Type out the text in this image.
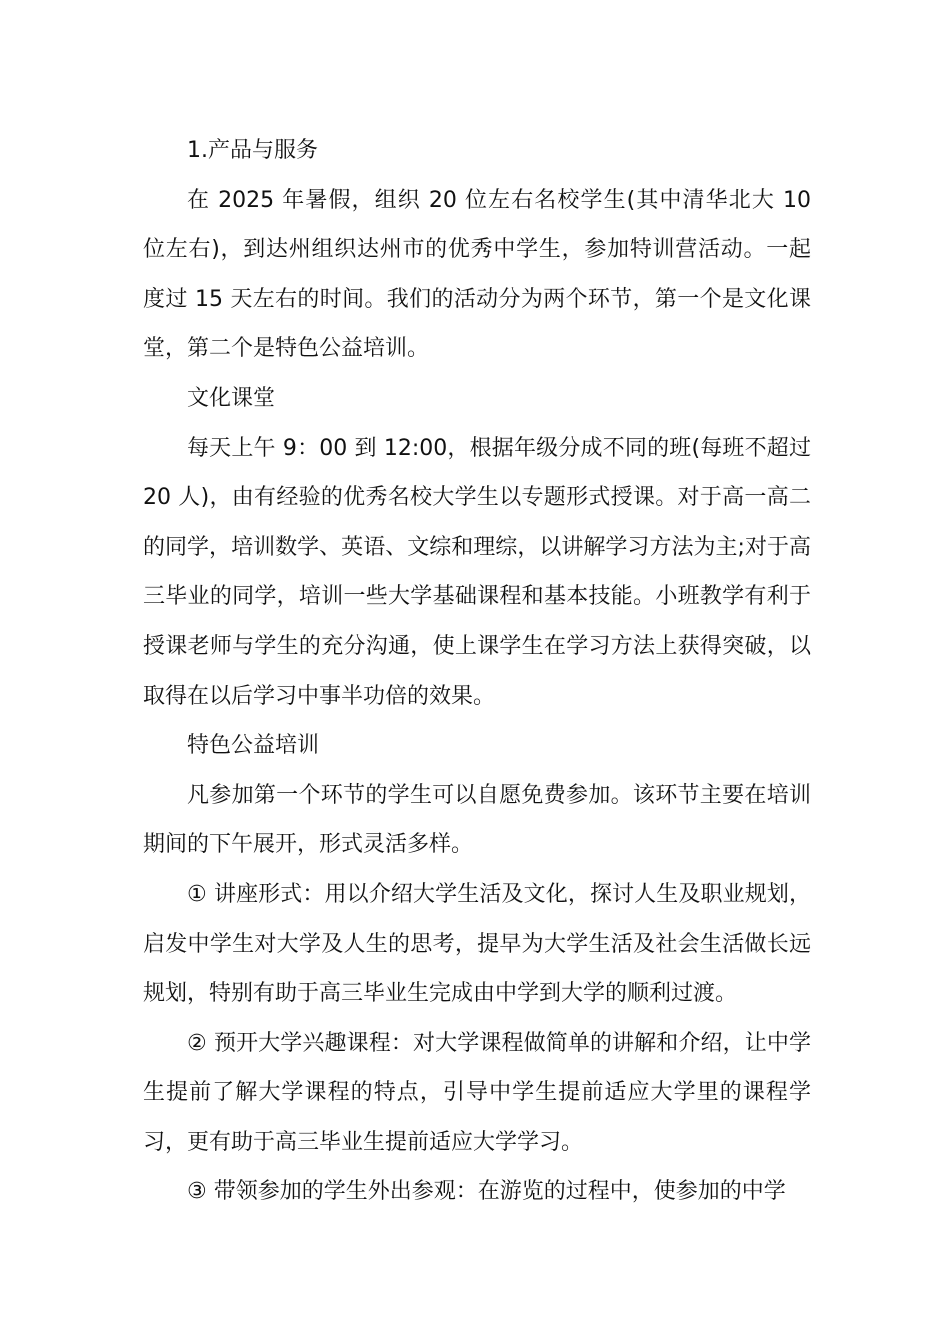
1.产品与服务

在 2025 年暑假，组织 20 位左右名校学生(其中清华北大 10 位左右)，到达州组织达州市的优秀中学生，参加特训营活动。一起度过 15 天左右的时间。我们的活动分为两个环节，第一个是文化课堂，第二个是特色公益培训。

文化课堂

每天上午 9：00 到 12:00，根据年级分成不同的班(每班不超过 20 人)，由有经验的优秀名校大学生以专题形式授课。对于高一高二的同学，培训数学、英语、文综和理综，以讲解学习方法为主;对于高三毕业的同学，培训一些大学基础课程和基本技能。小班教学有利于授课老师与学生的充分沟通，使上课学生在学习方法上获得突破，以取得在以后学习中事半功倍的效果。

特色公益培训

凡参加第一个环节的学生可以自愿免费参加。该环节主要在培训期间的下午展开，形式灵活多样。

① 讲座形式：用以介绍大学生活及文化，探讨人生及职业规划，启发中学生对大学及人生的思考，提早为大学生活及社会生活做长远规划，特别有助于高三毕业生完成由中学到大学的顺利过渡。

② 预开大学兴趣课程：对大学课程做简单的讲解和介绍，让中学生提前了解大学课程的特点，引导中学生提前适应大学里的课程学习，更有助于高三毕业生提前适应大学学习。

③ 带领参加的学生外出参观：在游览的过程中，使参加的中学
